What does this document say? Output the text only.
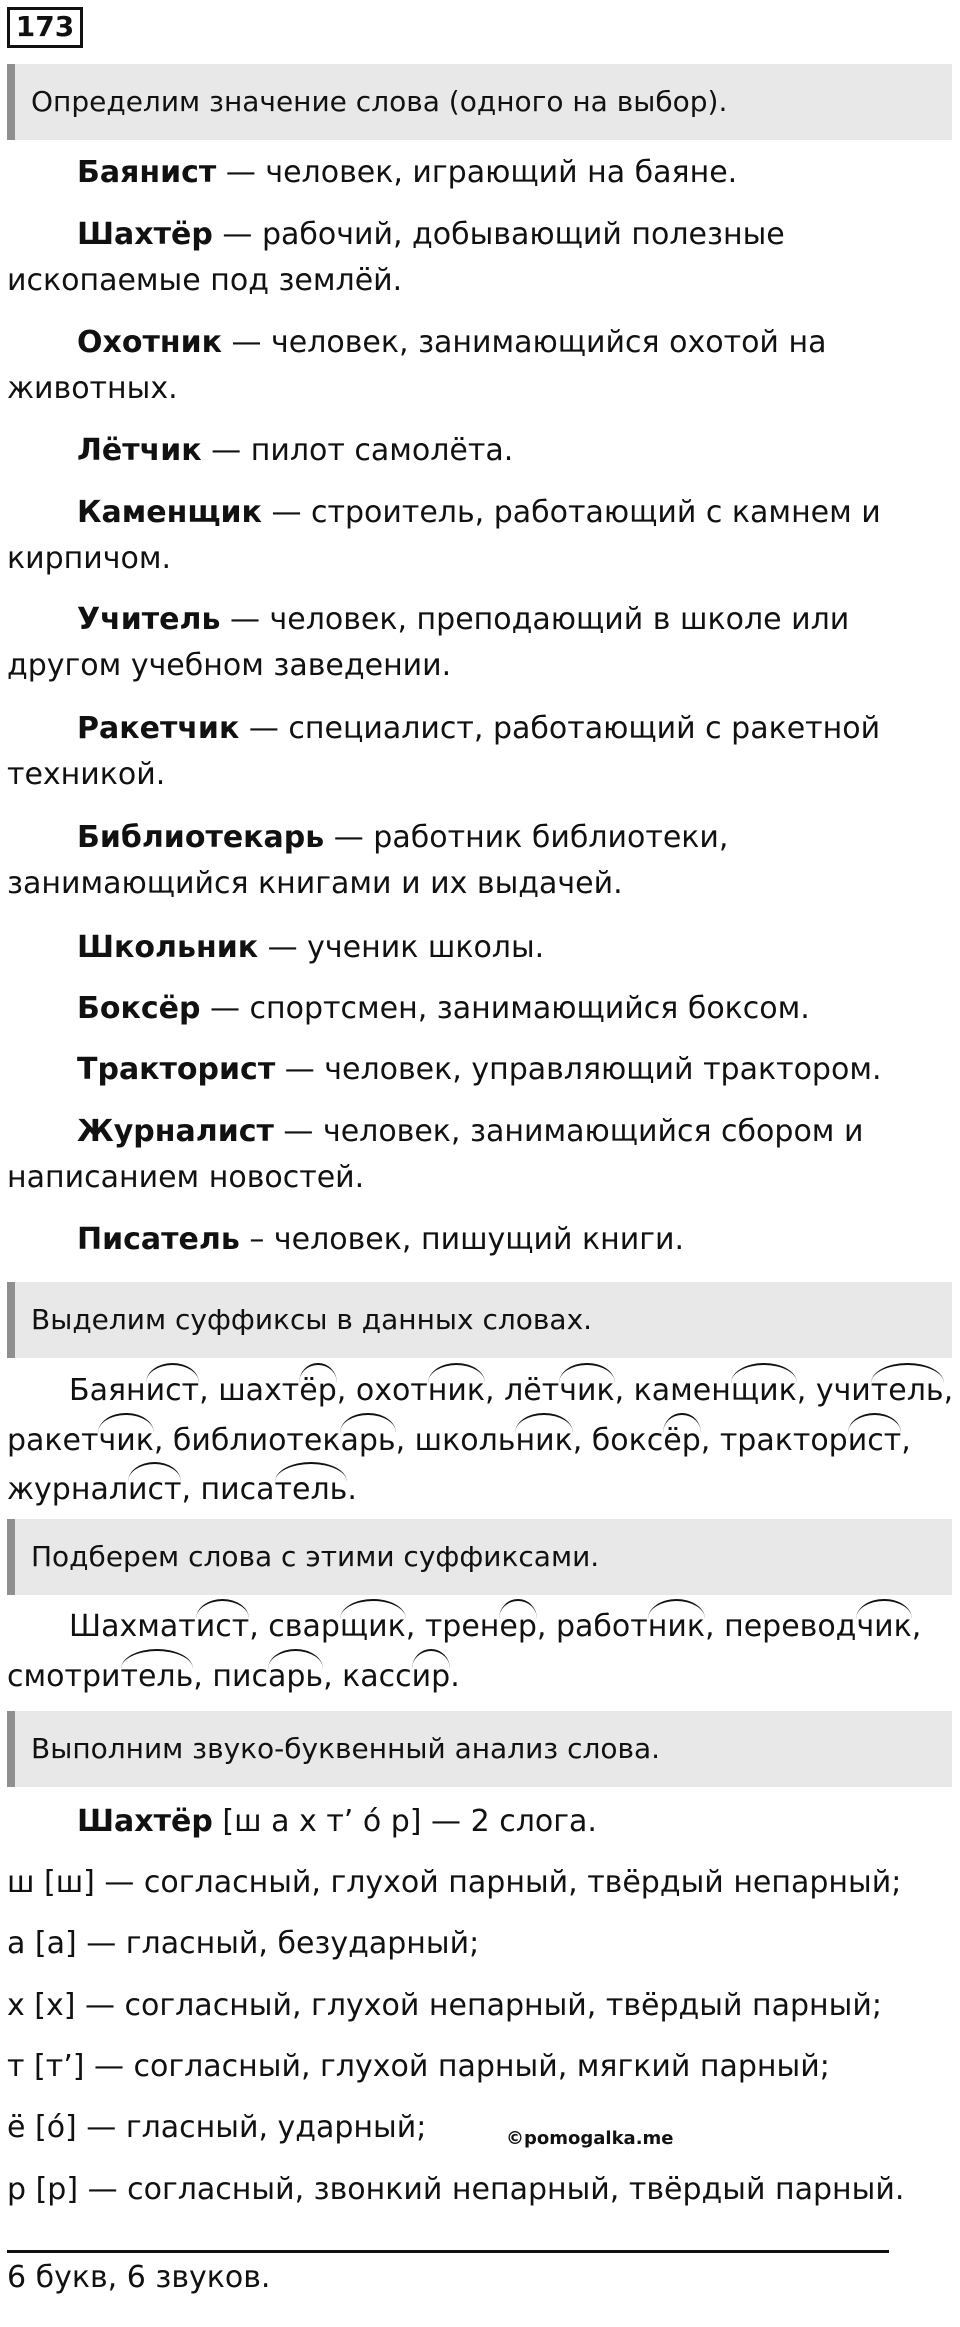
173
Определим значение слова (одного на выбор).
Баянист — человек, играющий на баяне.
Шахтёр — рабочий, добывающий полезные
ископаемые под землёй.
Охотник — человек, занимающийся охотой на
животных.
Лётчик — пилот самолёта.
Каменщик — строитель, работающий с камнем и
кирпичом.
Учитель — человек, преподающий в школе или
другом учебном заведении.
Ракетчик — специалист, работающий с ракетной
техникой.
Библиотекарь — работник библиотеки,
занимающийся книгами и их выдачей.
Школьник — ученик школы.
Боксёр — спортсмен, занимающийся боксом.
Тракторист — человек, управляющий трактором.
Журналист — человек, занимающийся сбором и
написанием новостей.
Писатель – человек, пишущий книги.
Выделим суффиксы в данных словах.
Баянист, шахтёр, охотник, лётчик, каменщик, учитель,
ракетчик, библиотекарь, школьник, боксёр, тракторист,
журналист, писатель.
Подберем слова с этими суффиксами.
Шахматист, сварщик, тренер, работник, переводчик,
смотритель, писарь, кассир.
Выполним звуко-буквенный анализ слова.
Шахтёр [ш а х т’ о́ р] — 2 слога.
ш [ш] — согласный, глухой парный, твёрдый непарный;
а [а] — гласный, безударный;
х [х] — согласный, глухой непарный, твёрдый парный;
т [т’] — согласный, глухой парный, мягкий парный;
ё [о́] — гласный, ударный;
р [р] — согласный, звонкий непарный, твёрдый парный.
©pomogalka.me
6 букв, 6 звуков.
